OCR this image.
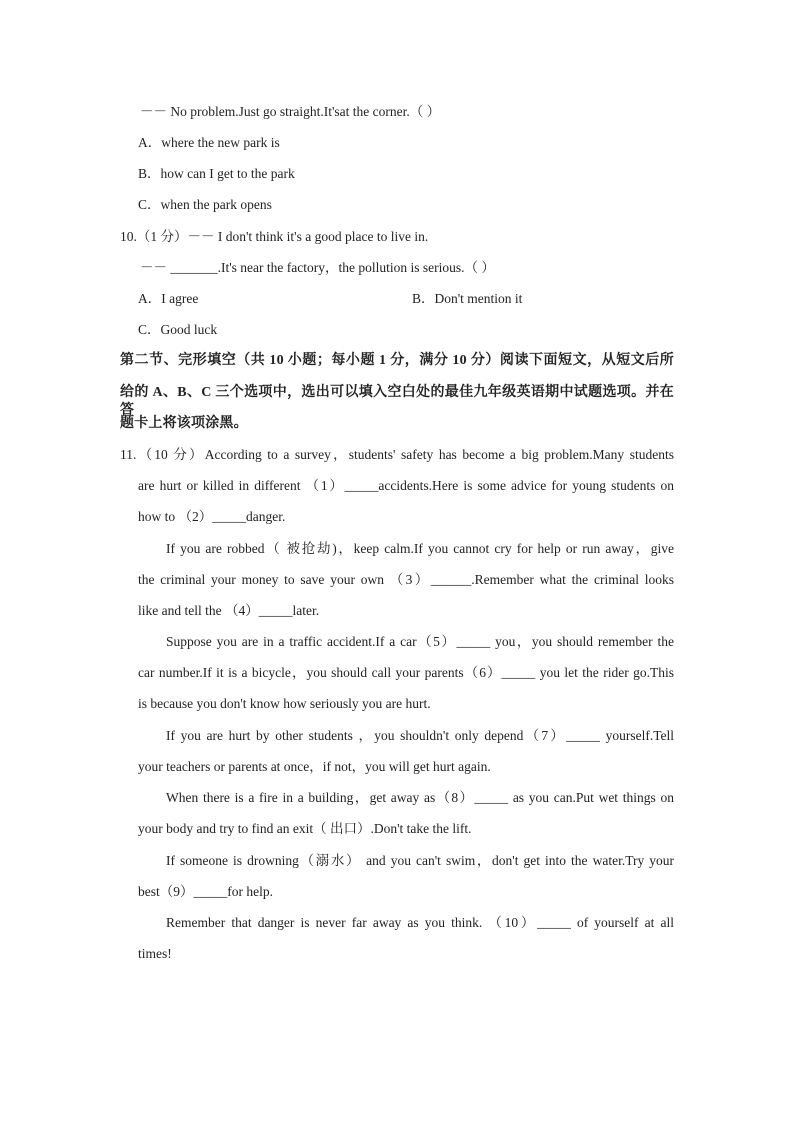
－－ No problem.Just go straight.It'sat the corner.（ ）
A．where the new park is
B．how can I get to the park
C．when the park opens
10.（1 分）－－ I don't think it's a good place to live in.
－－ _______.It's near the factory，the pollution is serious.（ ）
A．I agree	B．Don't mention it
C．Good luck
第二节、完形填空（共 10 小题；每小题 1 分，满分 10 分）阅读下面短文，从短文后所
给的 A、B、C 三个选项中，选出可以填入空白处的最佳九年级英语期中试题选项。并在答
题卡上将该项涂黑。
11.（10 分）According to a survey，students' safety has become a big problem.Many students
are hurt or killed in different （1）_____accidents.Here is some advice for young students on
how to （2）_____danger.
If you are robbed（ 被抢劫)，keep calm.If you cannot cry for help or run away，give
the criminal your money to save your own （3）______.Remember what the criminal looks
like and tell the （4）_____later.
Suppose you are in a traffic accident.If a car（5）_____ you，you should remember the
car number.If it is a bicycle，you should call your parents（6）_____ you let the rider go.This
is because you don't know how seriously you are hurt.
If you are hurt by other students ，you shouldn't only depend（7）_____ yourself.Tell
your teachers or parents at once，if not，you will get hurt again.
When there is a fire in a building，get away as（8）_____ as you can.Put wet things on
your body and try to find an exit（ 出口）.Don't take the lift.
If someone is drowning（溺水） and you can't swim，don't get into the water.Try your
best（9）_____for help.
Remember that danger is never far away as you think. （10）_____ of yourself at all
times!
